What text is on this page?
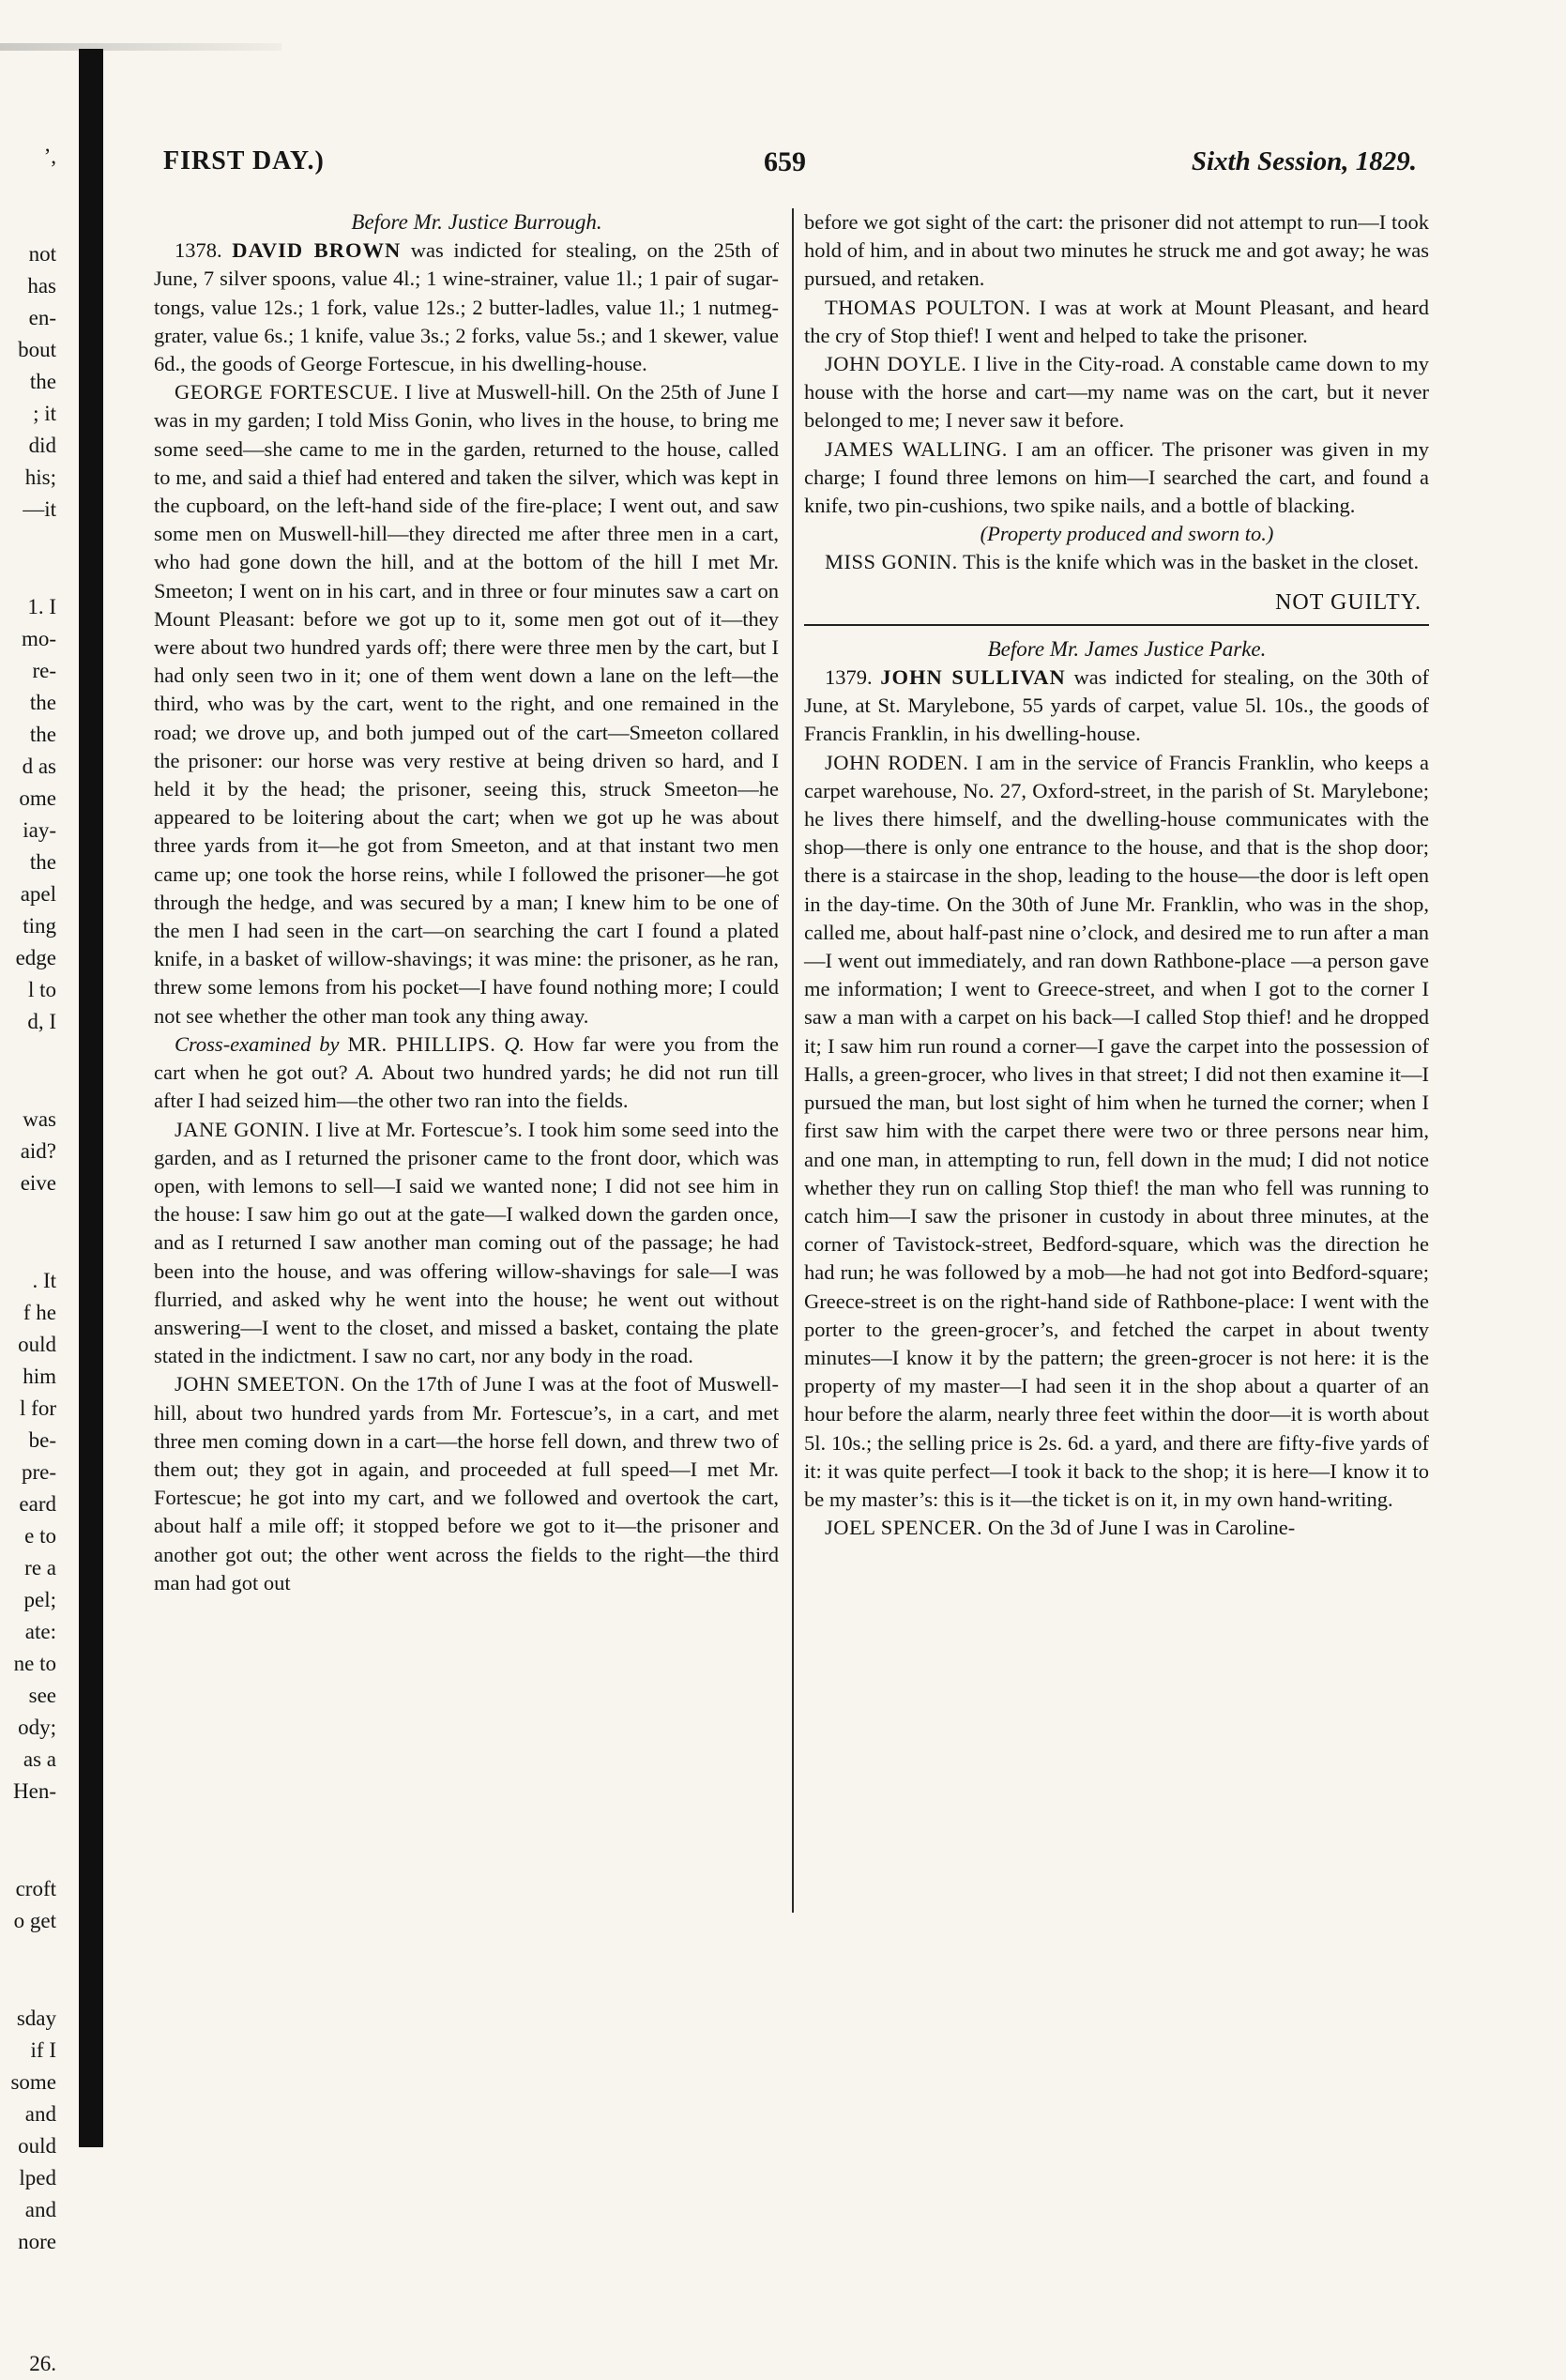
’,
not
has
en-
bout
the
; it
did
his;
—it
1. I
mo-
re-
the
the
d as
ome
iay-
the
apel
ting
edge
l to
d, I
was
aid?
eive
. It
f he
ould
him
l for
be-
pre-
eard
e to
re a
pel;
ate:
ne to
see
ody;
as a
Hen-
croft
o get
sday
if I
some
and
ould
lped
and
nore
26.
FIRST DAY.)	659	Sixth Session, 1829.

Before Mr. Justice Burrough.

1378. DAVID BROWN was indicted for stealing, on the 25th of June, 7 silver spoons, value 4l.; 1 wine-strainer, value 1l.; 1 pair of sugar-tongs, value 12s.; 1 fork, value 12s.; 2 butter-ladles, value 1l.; 1 nutmeg-grater, value 6s.; 1 knife, value 3s.; 2 forks, value 5s.; and 1 skewer, value 6d., the goods of George Fortescue, in his dwelling-house.

GEORGE FORTESCUE. I live at Muswell-hill. On the 25th of June I was in my garden; I told Miss Gonin, who lives in the house, to bring me some seed—she came to me in the garden, returned to the house, called to me, and said a thief had entered and taken the silver, which was kept in the cupboard, on the left-hand side of the fire-place; I went out, and saw some men on Muswell-hill—they directed me after three men in a cart, who had gone down the hill, and at the bottom of the hill I met Mr. Smeeton; I went on in his cart, and in three or four minutes saw a cart on Mount Pleasant: before we got up to it, some men got out of it—they were about two hundred yards off; there were three men by the cart, but I had only seen two in it; one of them went down a lane on the left—the third, who was by the cart, went to the right, and one remained in the road; we drove up, and both jumped out of the cart—Smeeton collared the prisoner: our horse was very restive at being driven so hard, and I held it by the head; the prisoner, seeing this, struck Smeeton—he appeared to be loitering about the cart; when we got up he was about three yards from it—he got from Smeeton, and at that instant two men came up; one took the horse reins, while I followed the prisoner—he got through the hedge, and was secured by a man; I knew him to be one of the men I had seen in the cart—on searching the cart I found a plated knife, in a basket of willow-shavings; it was mine: the prisoner, as he ran, threw some lemons from his pocket—I have found nothing more; I could not see whether the other man took any thing away.

Cross-examined by MR. PHILLIPS. Q. How far were you from the cart when he got out? A. About two hundred yards; he did not run till after I had seized him—the other two ran into the fields.

JANE GONIN. I live at Mr. Fortescue’s. I took him some seed into the garden, and as I returned the prisoner came to the front door, which was open, with lemons to sell—I said we wanted none; I did not see him in the house: I saw him go out at the gate—I walked down the garden once, and as I returned I saw another man coming out of the passage; he had been into the house, and was offering willow-shavings for sale—I was flurried, and asked why he went into the house; he went out without answering—I went to the closet, and missed a basket, containg the plate stated in the indictment. I saw no cart, nor any body in the road.

JOHN SMEETON. On the 17th of June I was at the foot of Muswell-hill, about two hundred yards from Mr. Fortescue’s, in a cart, and met three men coming down in a cart—the horse fell down, and threw two of them out; they got in again, and proceeded at full speed—I met Mr. Fortescue; he got into my cart, and we followed and overtook the cart, about half a mile off; it stopped before we got to it—the prisoner and another got out; the other went across the fields to the right—the third man had got out

before we got sight of the cart: the prisoner did not attempt to run—I took hold of him, and in about two minutes he struck me and got away; he was pursued, and retaken.

THOMAS POULTON. I was at work at Mount Pleasant, and heard the cry of Stop thief! I went and helped to take the prisoner.

JOHN DOYLE. I live in the City-road. A constable came down to my house with the horse and cart—my name was on the cart, but it never belonged to me; I never saw it before.

JAMES WALLING. I am an officer. The prisoner was given in my charge; I found three lemons on him—I searched the cart, and found a knife, two pin-cushions, two spike nails, and a bottle of blacking.

(Property produced and sworn to.)

MISS GONIN. This is the knife which was in the basket in the closet.

NOT GUILTY.

Before Mr. James Justice Parke.

1379. JOHN SULLIVAN was indicted for stealing, on the 30th of June, at St. Marylebone, 55 yards of carpet, value 5l. 10s., the goods of Francis Franklin, in his dwelling-house.

JOHN RODEN. I am in the service of Francis Franklin, who keeps a carpet warehouse, No. 27, Oxford-street, in the parish of St. Marylebone; he lives there himself, and the dwelling-house communicates with the shop—there is only one entrance to the house, and that is the shop door; there is a staircase in the shop, leading to the house—the door is left open in the day-time. On the 30th of June Mr. Franklin, who was in the shop, called me, about half-past nine o’clock, and desired me to run after a man —I went out immediately, and ran down Rathbone-place —a person gave me information; I went to Greece-street, and when I got to the corner I saw a man with a carpet on his back—I called Stop thief! and he dropped it; I saw him run round a corner—I gave the carpet into the possession of Halls, a green-grocer, who lives in that street; I did not then examine it—I pursued the man, but lost sight of him when he turned the corner; when I first saw him with the carpet there were two or three persons near him, and one man, in attempting to run, fell down in the mud; I did not notice whether they run on calling Stop thief! the man who fell was running to catch him—I saw the prisoner in custody in about three minutes, at the corner of Tavistock-street, Bedford-square, which was the direction he had run; he was followed by a mob—he had not got into Bedford-square; Greece-street is on the right-hand side of Rathbone-place: I went with the porter to the green-grocer’s, and fetched the carpet in about twenty minutes—I know it by the pattern; the green-grocer is not here: it is the property of my master—I had seen it in the shop about a quarter of an hour before the alarm, nearly three feet within the door—it is worth about 5l. 10s.; the selling price is 2s. 6d. a yard, and there are fifty-five yards of it: it was quite perfect—I took it back to the shop; it is here—I know it to be my master’s: this is it—the ticket is on it, in my own hand-writing.

JOEL SPENCER. On the 3d of June I was in Caroline-
